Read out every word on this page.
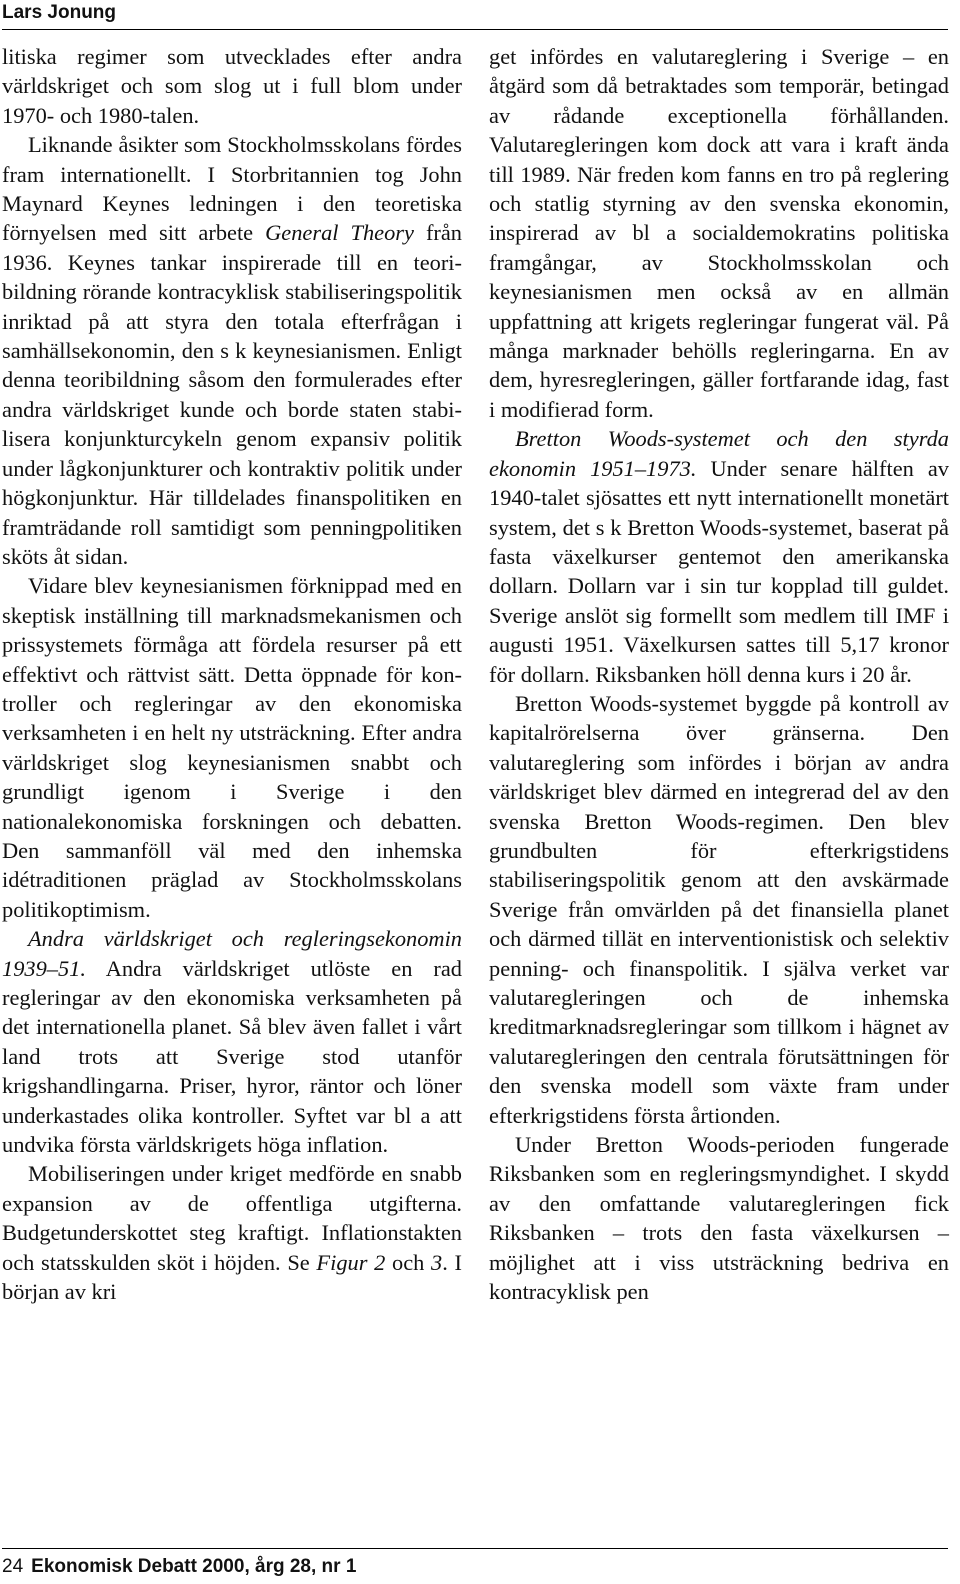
Lars Jonung

litiska regimer som utvecklades efter andra världskriget och som slog ut i full blom under 1970- och 1980-talen.

Liknande åsikter som Stockholmsskolans fördes fram internationellt. I Storbritannien tog John Maynard Keynes ledningen i den teoretiska förnyelsen med sitt arbete General Theory från 1936. Keynes tankar inspirerade till en teoribildning rörande kontracyklisk stabiliseringspolitik inriktad på att styra den totala efterfrågan i samhällsekonomin, den s k keynesianismen. Enligt denna teoribildning såsom den formulerades efter andra världskriget kunde och borde staten stabilisera konjunkturcykeln genom expansiv politik under lågkonjunkturer och kontraktiv politik under högkonjunktur. Här tilldelades finanspolitiken en framträdande roll samtidigt som penningpolitiken sköts åt sidan.

Vidare blev keynesianismen förknippad med en skeptisk inställning till marknadsmekanismen och prissystemets förmåga att fördela resurser på ett effektivt och rättvist sätt. Detta öppnade för kontroller och regleringar av den ekonomiska verksamheten i en helt ny utsträckning. Efter andra världskriget slog keynesianismen snabbt och grundligt igenom i Sverige i den nationalekonomiska forskningen och debatten. Den sammanföll väl med den inhemska idétraditionen präglad av Stockholmsskolans politikoptimism.

Andra världskriget och regleringsekonomin 1939–51. Andra världskriget utlöste en rad regleringar av den ekonomiska verksamheten på det internationella planet. Så blev även fallet i vårt land trots att Sverige stod utanför krigshandlingarna. Priser, hyror, räntor och löner underkastades olika kontroller. Syftet var bl a att undvika första världskrigets höga inflation.

Mobiliseringen under kriget medförde en snabb expansion av de offentliga utgifterna. Budgetunderskottet steg kraftigt. Inflationstakten och statsskulden sköt i höjden. Se Figur 2 och 3. I början av kri

get infördes en valutareglering i Sverige – en åtgärd som då betraktades som temporär, betingad av rådande exceptionella förhållanden. Valutaregleringen kom dock att vara i kraft ända till 1989. När freden kom fanns en tro på reglering och statlig styrning av den svenska ekonomin, inspirerad av bl a socialdemokratins politiska framgångar, av Stockholmsskolan och keynesianismen men också av en allmän uppfattning att krigets regleringar fungerat väl. På många marknader behölls regleringarna. En av dem, hyresregleringen, gäller fortfarande idag, fast i modifierad form.

Bretton Woods-systemet och den styrda ekonomin 1951–1973. Under senare hälften av 1940-talet sjösattes ett nytt internationellt monetärt system, det s k Bretton Woods-systemet, baserat på fasta växelkurser gentemot den amerikanska dollarn. Dollarn var i sin tur kopplad till guldet. Sverige anslöt sig formellt som medlem till IMF i augusti 1951. Växelkursen sattes till 5,17 kronor för dollarn. Riksbanken höll denna kurs i 20 år.

Bretton Woods-systemet byggde på kontroll av kapitalrörelserna över gränserna. Den valutareglering som infördes i början av andra världskriget blev därmed en integrerad del av den svenska Bretton Woods-regimen. Den blev grundbulten för efterkrigstidens stabiliseringspolitik genom att den avskärmade Sverige från omvärlden på det finansiella planet och därmed tillät en interventionistisk och selektiv penning- och finanspolitik. I själva verket var valutaregleringen och de inhemska kreditmarknadsregleringar som tillkom i hägnet av valutaregleringen den centrala förutsättningen för den svenska modell som växte fram under efterkrigstidens första årtionden.

Under Bretton Woods-perioden fungerade Riksbanken som en regleringsmyndighet. I skydd av den omfattande valutaregleringen fick Riksbanken – trots den fasta växelkursen – möjlighet att i viss utsträckning bedriva en kontracyklisk pen

24 Ekonomisk Debatt 2000, årg 28, nr 1
